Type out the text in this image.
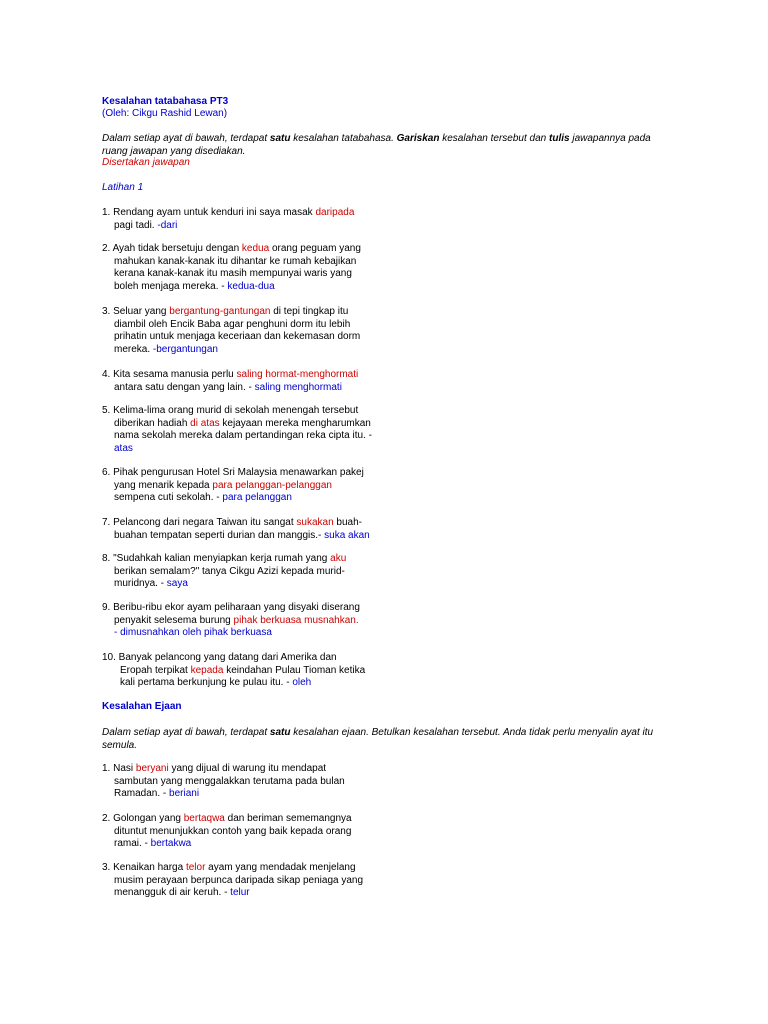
Kesalahan tatabahasa PT3
(Oleh: Cikgu Rashid Lewan)
Dalam setiap ayat di bawah, terdapat satu kesalahan tatabahasa. Gariskan kesalahan tersebut dan tulis jawapannya pada
ruang jawapan yang disediakan.
Disertakan jawapan
Latihan 1
1. Rendang ayam untuk kenduri ini saya masak daripada
pagi tadi. -dari
2. Ayah tidak bersetuju dengan kedua orang peguam yang
mahukan kanak-kanak itu dihantar ke rumah kebajikan
kerana kanak-kanak itu masih mempunyai waris yang
boleh menjaga mereka. - kedua-dua
3. Seluar yang bergantung-gantungan di tepi tingkap itu
diambil oleh Encik Baba agar penghuni dorm itu lebih
prihatin untuk menjaga keceriaan dan kekemasan dorm
mereka. -bergantungan
4. Kita sesama manusia perlu saling hormat-menghormati
antara satu dengan yang lain. - saling menghormati
5. Kelima-lima orang murid di sekolah menengah tersebut
diberikan hadiah di atas kejayaan mereka mengharumkan
nama sekolah mereka dalam pertandingan reka cipta itu. -
atas
6. Pihak pengurusan Hotel Sri Malaysia menawarkan pakej
yang menarik kepada para pelanggan-pelanggan
sempena cuti sekolah. - para pelanggan
7. Pelancong dari negara Taiwan itu sangat sukakan buah-
buahan tempatan seperti durian dan manggis.- suka akan
8. "Sudahkah kalian menyiapkan kerja rumah yang aku
berikan semalam?" tanya Cikgu Azizi kepada murid-
muridnya. - saya
9. Beribu-ribu ekor ayam peliharaan yang disyaki diserang
penyakit selesema burung pihak berkuasa musnahkan.
- dimusnahkan oleh pihak berkuasa
10. Banyak pelancong yang datang dari Amerika dan
Eropah terpikat kepada keindahan Pulau Tioman ketika
kali pertama berkunjung ke pulau itu. - oleh
Kesalahan Ejaan
Dalam setiap ayat di bawah, terdapat satu kesalahan ejaan. Betulkan kesalahan tersebut. Anda tidak perlu menyalin ayat itu
semula.
1. Nasi beryani yang dijual di warung itu mendapat
sambutan yang menggalakkan terutama pada bulan
Ramadan. - beriani
2. Golongan yang bertaqwa dan beriman sememangnya
dituntut menunjukkan contoh yang baik kepada orang
ramai. - bertakwa
3. Kenaikan harga telor ayam yang mendadak menjelang
musim perayaan berpunca daripada sikap peniaga yang
menangguk di air keruh. - telur
